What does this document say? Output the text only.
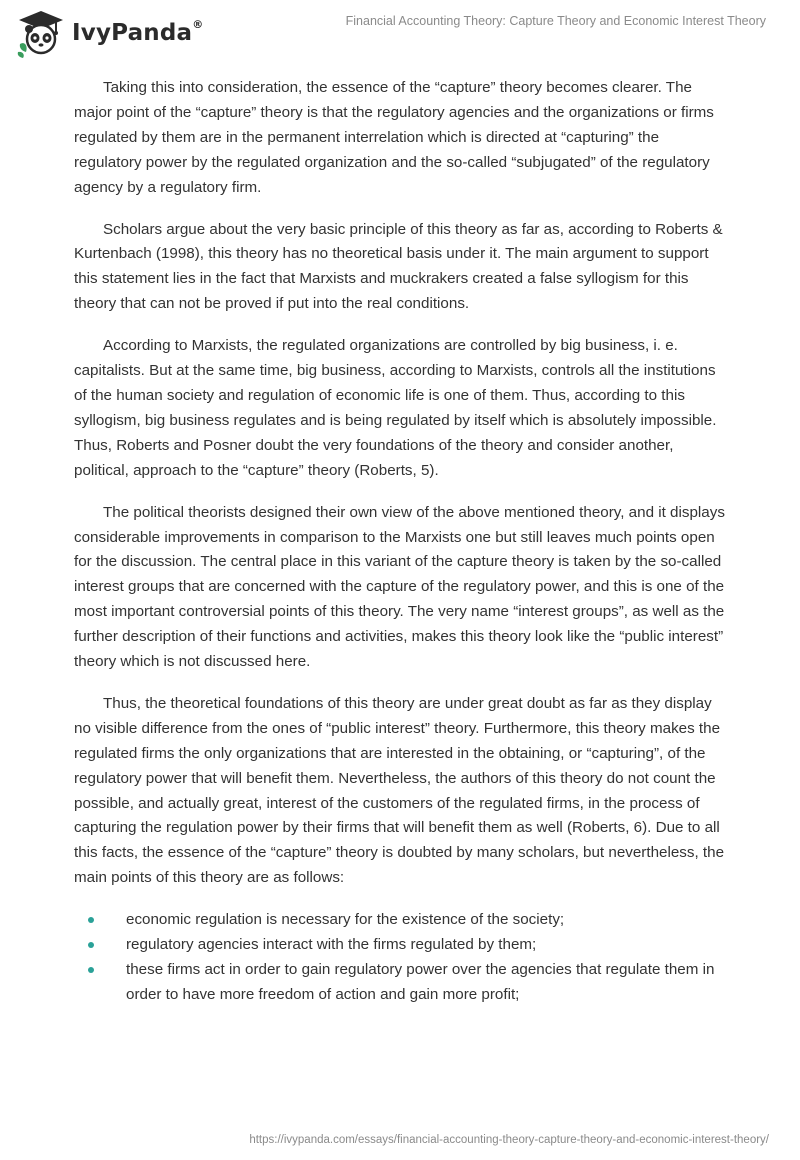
IvyPanda®	Financial Accounting Theory: Capture Theory and Economic Interest Theory

Taking this into consideration, the essence of the “capture” theory becomes clearer. The major point of the “capture” theory is that the regulatory agencies and the organizations or firms regulated by them are in the permanent interrelation which is directed at “capturing” the regulatory power by the regulated organization and the so-called “subjugated” of the regulatory agency by a regulatory firm.

Scholars argue about the very basic principle of this theory as far as, according to Roberts & Kurtenbach (1998), this theory has no theoretical basis under it. The main argument to support this statement lies in the fact that Marxists and muckrakers created a false syllogism for this theory that can not be proved if put into the real conditions.

According to Marxists, the regulated organizations are controlled by big business, i. e. capitalists. But at the same time, big business, according to Marxists, controls all the institutions of the human society and regulation of economic life is one of them. Thus, according to this syllogism, big business regulates and is being regulated by itself which is absolutely impossible. Thus, Roberts and Posner doubt the very foundations of the theory and consider another, political, approach to the “capture” theory (Roberts, 5).

The political theorists designed their own view of the above mentioned theory, and it displays considerable improvements in comparison to the Marxists one but still leaves much points open for the discussion. The central place in this variant of the capture theory is taken by the so-called interest groups that are concerned with the capture of the regulatory power, and this is one of the most important controversial points of this theory. The very name “interest groups”, as well as the further description of their functions and activities, makes this theory look like the “public interest” theory which is not discussed here.

Thus, the theoretical foundations of this theory are under great doubt as far as they display no visible difference from the ones of “public interest” theory. Furthermore, this theory makes the regulated firms the only organizations that are interested in the obtaining, or “capturing”, of the regulatory power that will benefit them. Nevertheless, the authors of this theory do not count the possible, and actually great, interest of the customers of the regulated firms, in the process of capturing the regulation power by their firms that will benefit them as well (Roberts, 6). Due to all this facts, the essence of the “capture” theory is doubted by many scholars, but nevertheless, the main points of this theory are as follows:

economic regulation is necessary for the existence of the society;
regulatory agencies interact with the firms regulated by them;
these firms act in order to gain regulatory power over the agencies that regulate them in order to have more freedom of action and gain more profit;
https://ivypanda.com/essays/financial-accounting-theory-capture-theory-and-economic-interest-theory/
